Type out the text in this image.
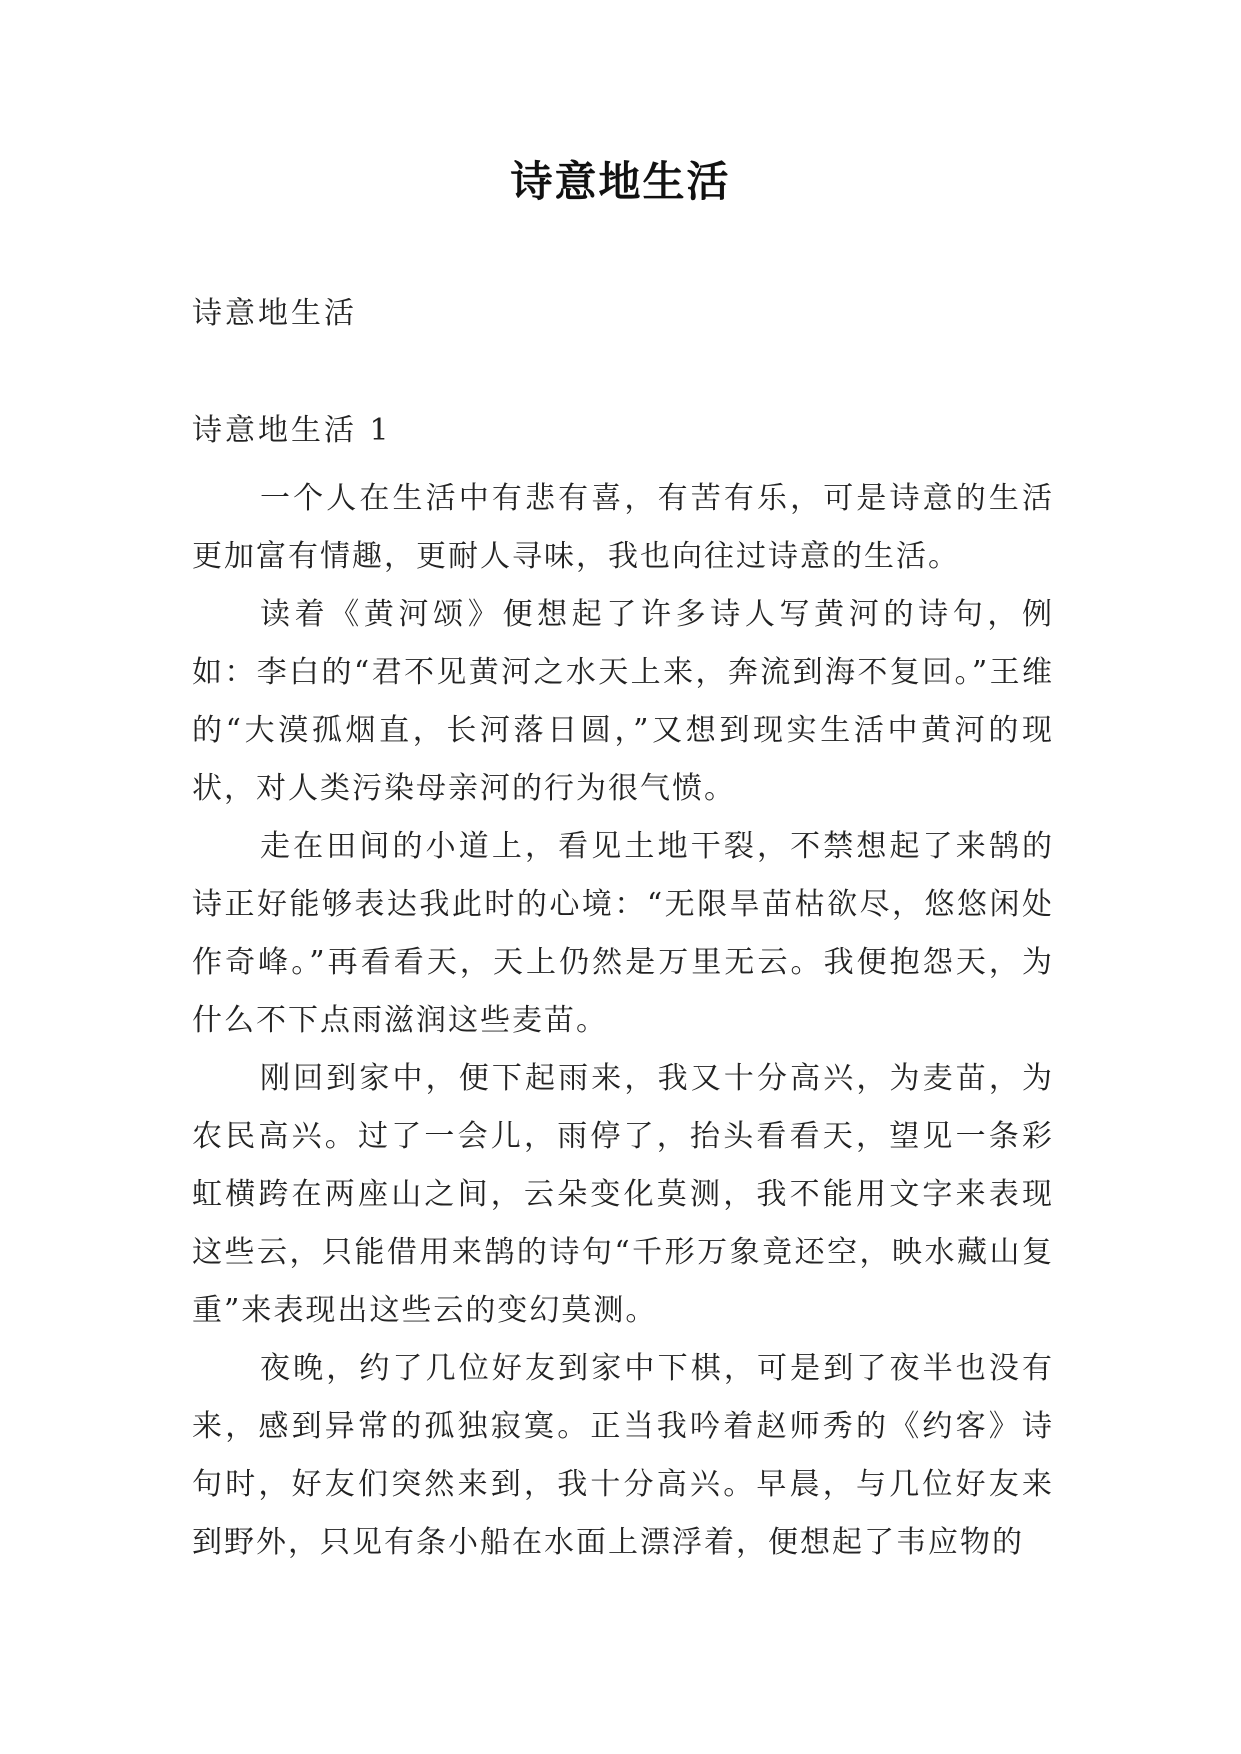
诗意地生活
诗意地生活
诗意地生活 1

一个人在生活中有悲有喜，有苦有乐，可是诗意的生活更加富有情趣，更耐人寻味，我也向往过诗意的生活。

读着《黄河颂》便想起了许多诗人写黄河的诗句，例如：李白的“君不见黄河之水天上来，奔流到海不复回。”王维的“大漠孤烟直，长河落日圆，”又想到现实生活中黄河的现状，对人类污染母亲河的行为很气愤。

走在田间的小道上，看见土地干裂，不禁想起了来鹄的诗正好能够表达我此时的心境：“无限旱苗枯欲尽，悠悠闲处作奇峰。”再看看天，天上仍然是万里无云。我便抱怨天，为什么不下点雨滋润这些麦苗。

刚回到家中，便下起雨来，我又十分高兴，为麦苗，为农民高兴。过了一会儿，雨停了，抬头看看天，望见一条彩虹横跨在两座山之间，云朵变化莫测，我不能用文字来表现这些云，只能借用来鹄的诗句“千形万象竟还空，映水藏山复重”来表现出这些云的变幻莫测。

夜晚，约了几位好友到家中下棋，可是到了夜半也没有来，感到异常的孤独寂寞。正当我吟着赵师秀的《约客》诗句时，好友们突然来到，我十分高兴。早晨，与几位好友来到野外，只见有条小船在水面上漂浮着，便想起了韦应物的
